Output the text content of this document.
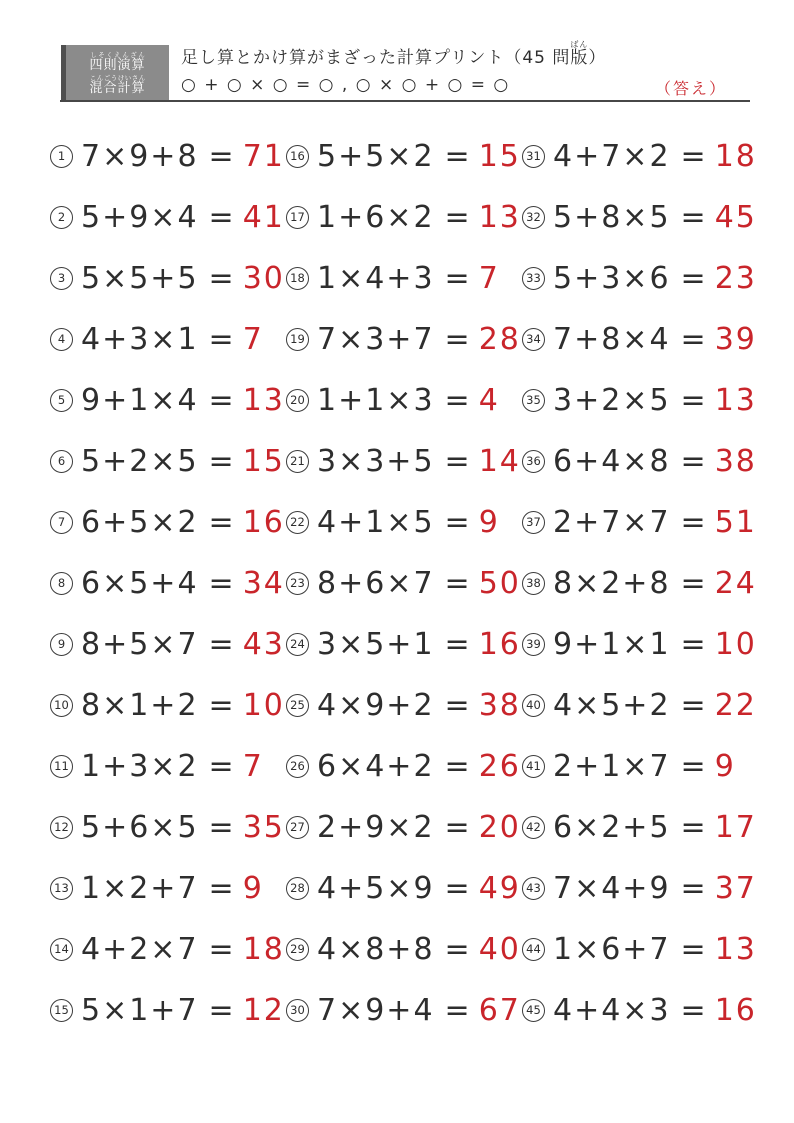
四則演算しそくえんざん
混合計算こんごうけいさん
足し算とかけ算がまざった計算プリント（45 問版ばん）
○ + ○ × ○ = ○ , ○ × ○ + ○ = ○	（答え）
1 7×9+8 = 71
2 5+9×4 = 41
3 5×5+5 = 30
4 4+3×1 = 7
5 9+1×4 = 13
6 5+2×5 = 15
7 6+5×2 = 16
8 6×5+4 = 34
9 8+5×7 = 43
10 8×1+2 = 10
11 1+3×2 = 7
12 5+6×5 = 35
13 1×2+7 = 9
14 4+2×7 = 18
15 5×1+7 = 12
16 5+5×2 = 15
17 1+6×2 = 13
18 1×4+3 = 7
19 7×3+7 = 28
20 1+1×3 = 4
21 3×3+5 = 14
22 4+1×5 = 9
23 8+6×7 = 50
24 3×5+1 = 16
25 4×9+2 = 38
26 6×4+2 = 26
27 2+9×2 = 20
28 4+5×9 = 49
29 4×8+8 = 40
30 7×9+4 = 67
31 4+7×2 = 18
32 5+8×5 = 45
33 5+3×6 = 23
34 7+8×4 = 39
35 3+2×5 = 13
36 6+4×8 = 38
37 2+7×7 = 51
38 8×2+8 = 24
39 9+1×1 = 10
40 4×5+2 = 22
41 2+1×7 = 9
42 6×2+5 = 17
43 7×4+9 = 37
44 1×6+7 = 13
45 4+4×3 = 16
